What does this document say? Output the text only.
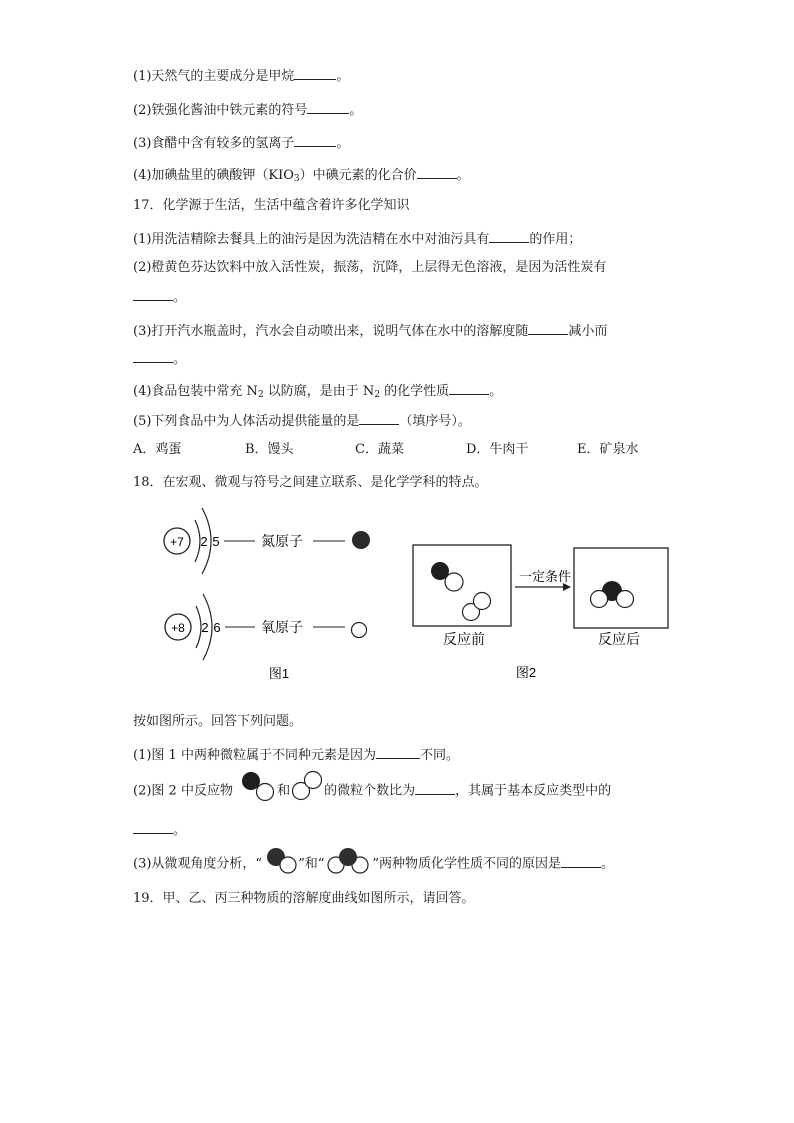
(1)天然气的主要成分是甲烷	。
(2)铁强化酱油中铁元素的符号	。
(3)食醋中含有较多的氢离子	。
(4)加碘盐里的碘酸钾$(KIO_3)$中碘元素的化合价	。
17．化学源于生活，生活中蕴含着许多化学知识
(1)用洗洁精除去餐具上的油污是因为洗洁精在水中对油污具有	的作用；
(2)橙黄色芬达饮料中放入活性炭，振荡，沉降，上层得无色溶液，是因为活性炭有
。
(3)打开汽水瓶盖时，汽水会自动喷出来，说明气体在水中的溶解度随	减小而
。
(4)食品包装中常充 $N_2$ 以防腐，是由于 $N_2$ 的化学性质	。
(5)下列食品中为人体活动提供能量的是	（填序号）。
A．鸡蛋	B．馒头	C．蔬菜	D．牛肉干	E．矿泉水
18．在宏观、微观与符号之间建立联系、是化学学科的特点。
+7 2 5	氮原子
+8 2 6	氧原子
图1
反应前
一定条件
反应后
图2
按如图所示。回答下列问题。
(1)图 1 中两种微粒属于不同种元素是因为	不同。
(2)图 2 中反应物	和	的微粒个数比为	，其属于基本反应类型中的
。
(3)从微观角度分析，“	”和“	”两种物质化学性质不同的原因是	。
19．甲、乙、丙三种物质的溶解度曲线如图所示，请回答。
